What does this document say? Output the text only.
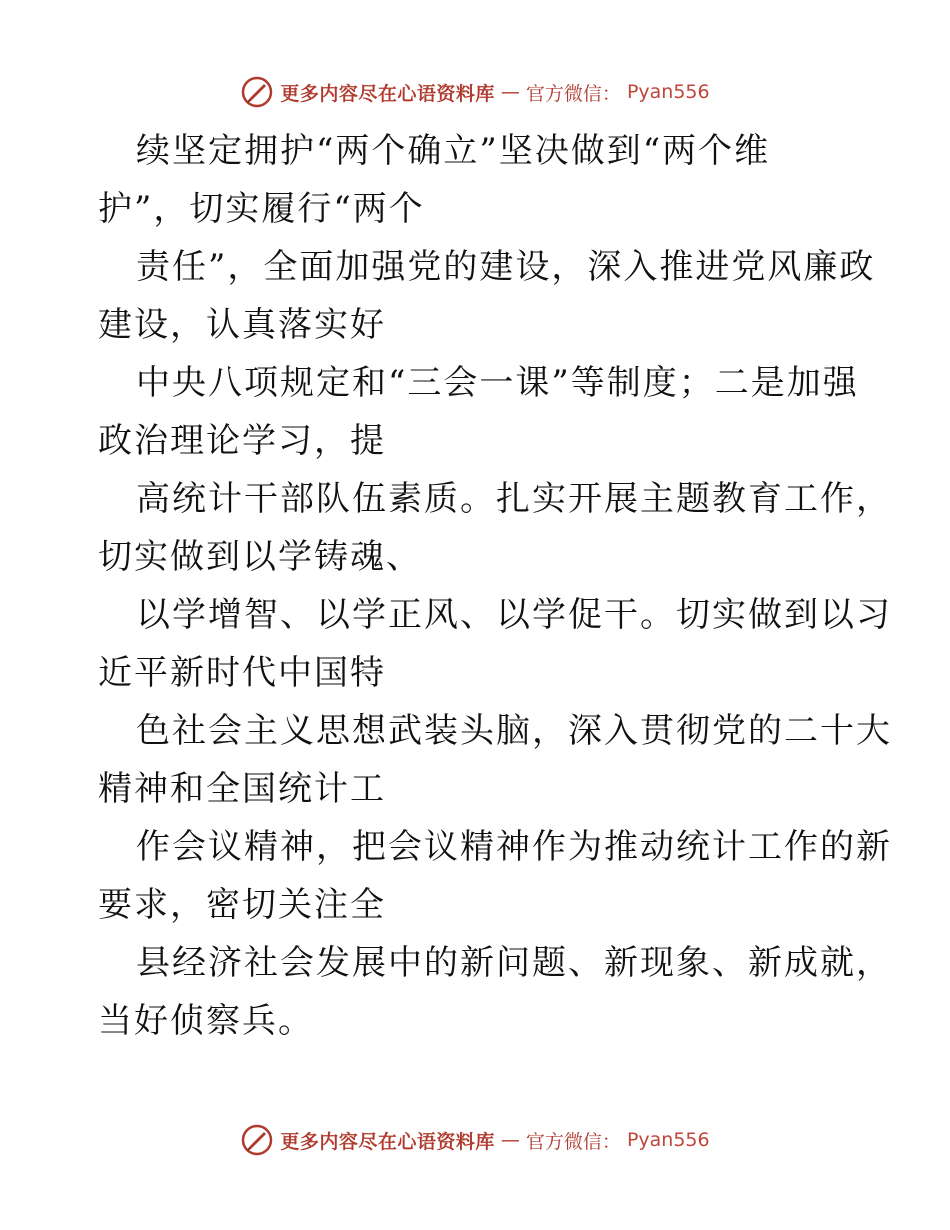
更多内容尽在心语资料库 — 官方微信： Pyan556
续坚定拥护“两个确立”坚决做到“两个维
护”，切实履行“两个
责任”，全面加强党的建设，深入推进党风廉政
建设，认真落实好
中央八项规定和“三会一课”等制度；二是加强
政治理论学习，提
高统计干部队伍素质。扎实开展主题教育工作，
切实做到以学铸魂、
以学增智、以学正风、以学促干。切实做到以习
近平新时代中国特
色社会主义思想武装头脑，深入贯彻党的二十大
精神和全国统计工
作会议精神，把会议精神作为推动统计工作的新
要求，密切关注全
县经济社会发展中的新问题、新现象、新成就，
当好侦察兵。
更多内容尽在心语资料库 — 官方微信： Pyan556
